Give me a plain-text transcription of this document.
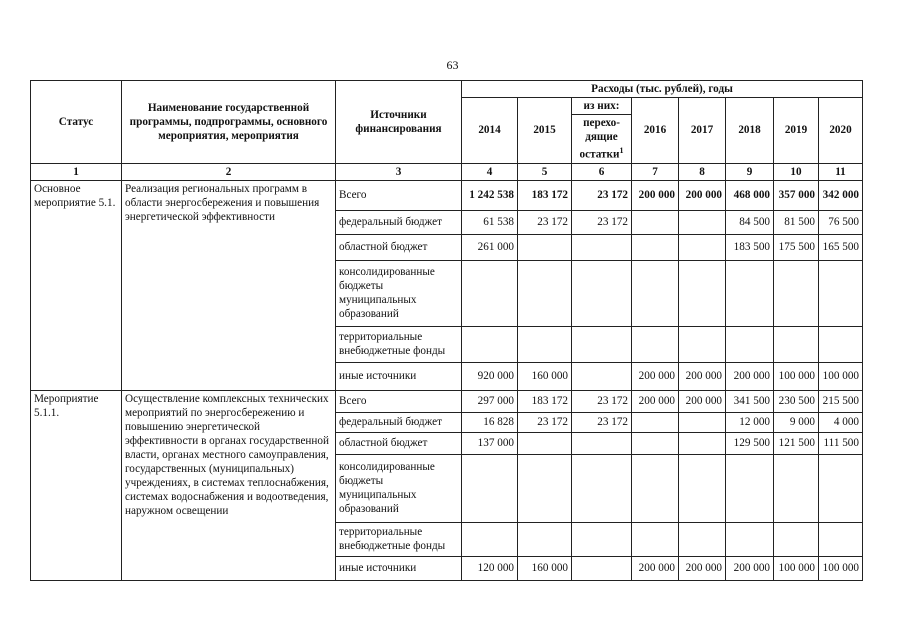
63
Статус	Наименование государственной программы, подпрограммы, основного мероприятия, мероприятия	Источники финансирования	Расходы (тыс. рублей), годы							
			2014	2015	из них:	2016	2017	2018	2019	2020
					перехо-дящие остатки$^1$
1	2	3	4	5	6	7	8	9	10	11
Основное мероприятие 5.1.	Реализация региональных программ в области энергосбережения и повышения энергетической эффективности	Всего	1 242 538	183 172	23 172	200 000	200 000	468 000	357 000	342 000
		федеральный бюджет	61 538	23 172	23 172			84 500	81 500	76 500
		областной бюджет	261 000					183 500	175 500	165 500
		консолидированные бюджеты муниципальных образований								
		территориальные внебюджетные фонды								
		иные источники	920 000	160 000		200 000	200 000	200 000	100 000	100 000
Мероприятие 5.1.1.	Осуществление комплексных технических мероприятий по энергосбережению и повышению энергетической эффективности в органах государственной власти, органах местного самоуправления, государственных (муниципальных) учреждениях, в системах теплоснабжения, системах водоснабжения и водоотведения, наружном освещении	Всего	297 000	183 172	23 172	200 000	200 000	341 500	230 500	215 500
		федеральный бюджет	16 828	23 172	23 172			12 000	9 000	4 000
		областной бюджет	137 000					129 500	121 500	111 500
		консолидированные бюджеты муниципальных образований								
		территориальные внебюджетные фонды								
		иные источники	120 000	160 000		200 000	200 000	200 000	100 000	100 000
